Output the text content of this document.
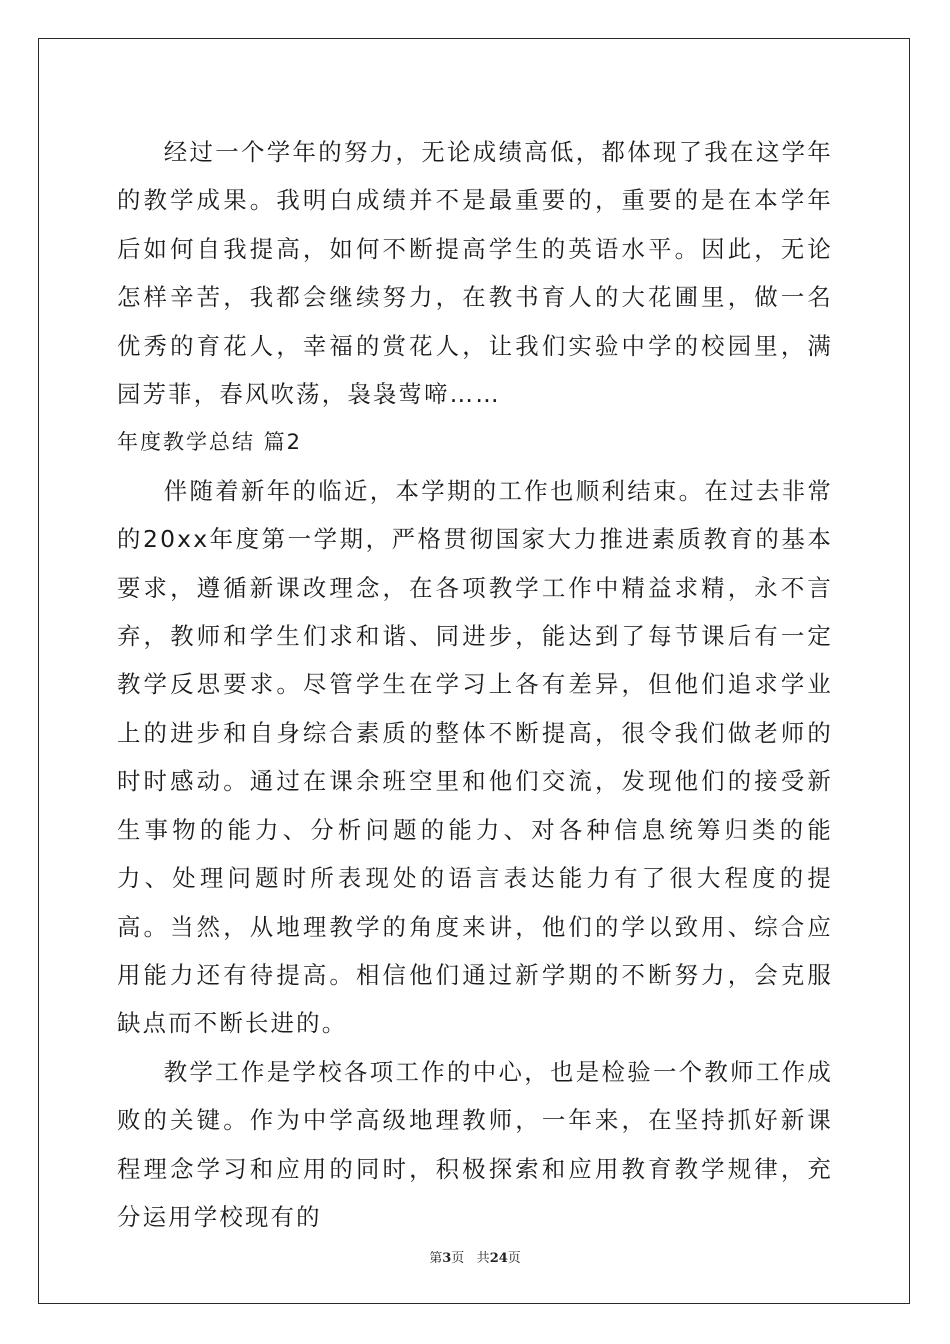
经过一个学年的努力，无论成绩高低，都体现了我在这学年的教学成果。我明白成绩并不是最重要的，重要的是在本学年后如何自我提高，如何不断提高学生的英语水平。因此，无论怎样辛苦，我都会继续努力，在教书育人的大花圃里，做一名优秀的育花人，幸福的赏花人，让我们实验中学的校园里，满园芳菲，春风吹荡，袅袅莺啼……

年度教学总结 篇2

伴随着新年的临近，本学期的工作也顺利结束。在过去非常的20xx年度第一学期，严格贯彻国家大力推进素质教育的基本要求，遵循新课改理念，在各项教学工作中精益求精，永不言弃，教师和学生们求和谐、同进步，能达到了每节课后有一定教学反思要求。尽管学生在学习上各有差异，但他们追求学业上的进步和自身综合素质的整体不断提高，很令我们做老师的时时感动。通过在课余班空里和他们交流，发现他们的接受新生事物的能力、分析问题的能力、对各种信息统筹归类的能力、处理问题时所表现处的语言表达能力有了很大程度的提高。当然，从地理教学的角度来讲，他们的学以致用、综合应用能力还有待提高。相信他们通过新学期的不断努力，会克服缺点而不断长进的。

教学工作是学校各项工作的中心，也是检验一个教师工作成败的关键。作为中学高级地理教师，一年来，在坚持抓好新课程理念学习和应用的同时，积极探索和应用教育教学规律，充分运用学校现有的

第3页 共24页
